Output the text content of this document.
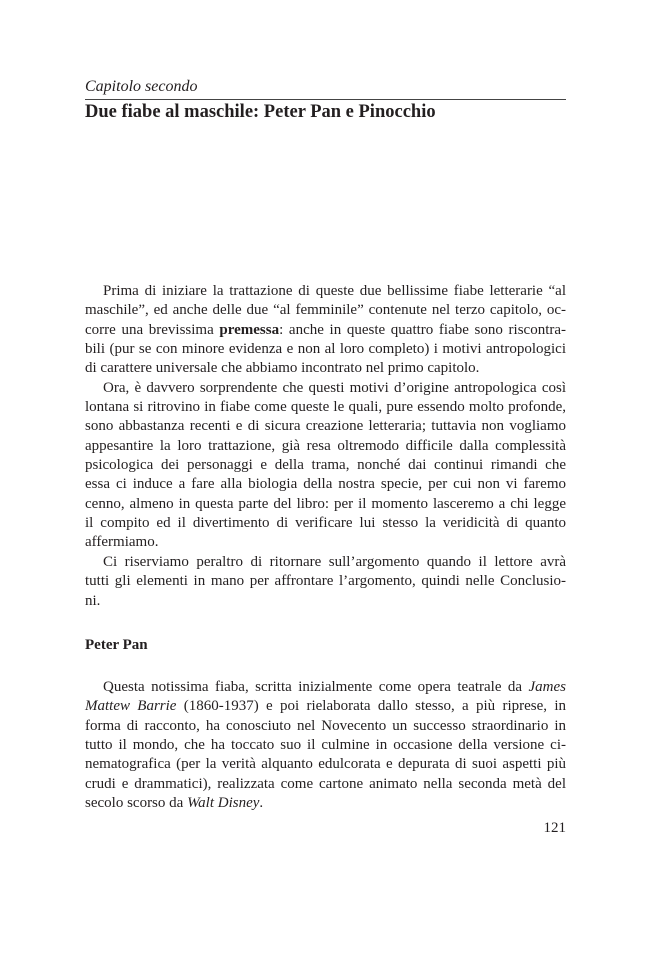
Capitolo secondo
Due fiabe al maschile: Peter Pan e Pinocchio
Prima di iniziare la trattazione di queste due bellissime fiabe letterarie “al
maschile”, ed anche delle due “al femminile” contenute nel terzo capitolo, oc-
corre una brevissima premessa: anche in queste quattro fiabe sono riscontra-
bili (pur se con minore evidenza e non al loro completo) i motivi antropologici
di carattere universale che abbiamo incontrato nel primo capitolo.
Ora, è davvero sorprendente che questi motivi d’origine antropologica così
lontana si ritrovino in fiabe come queste le quali, pure essendo molto profonde,
sono abbastanza recenti e di sicura creazione letteraria; tuttavia non vogliamo
appesantire la loro trattazione, già resa oltremodo difficile dalla complessità
psicologica dei personaggi e della trama, nonché dai continui rimandi che
essa ci induce a fare alla biologia della nostra specie, per cui non vi faremo
cenno, almeno in questa parte del libro: per il momento lasceremo a chi legge
il compito ed il divertimento di verificare lui stesso la veridicità di quanto
affermiamo.
Ci riserviamo peraltro di ritornare sull’argomento quando il lettore avrà
tutti gli elementi in mano per affrontare l’argomento, quindi nelle Conclusio-
ni.
Peter Pan
Questa notissima fiaba, scritta inizialmente come opera teatrale da James
Mattew Barrie (1860-1937) e poi rielaborata dallo stesso, a più riprese, in
forma di racconto, ha conosciuto nel Novecento un successo straordinario in
tutto il mondo, che ha toccato suo il culmine in occasione della versione ci-
nematografica (per la verità alquanto edulcorata e depurata di suoi aspetti più
crudi e drammatici), realizzata come cartone animato nella seconda metà del
secolo scorso da Walt Disney.
121
